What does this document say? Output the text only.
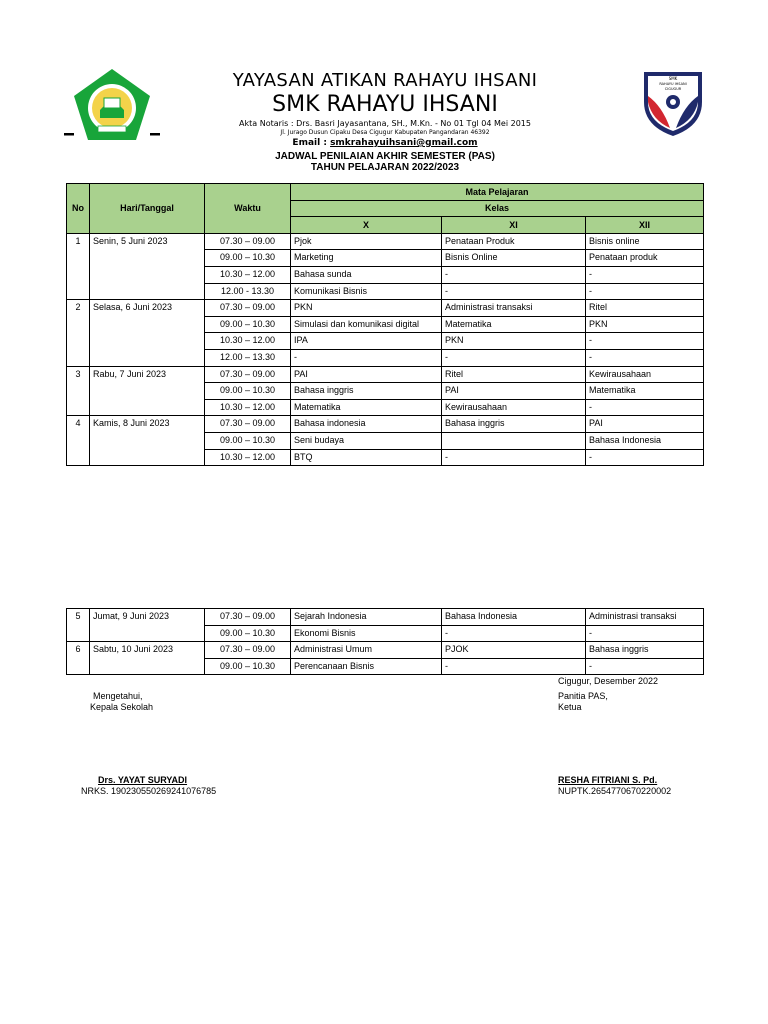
SMK
RAHAYU IHSANI
CIGUGUR
YAYASAN ATIKAN RAHAYU IHSANI
SMK RAHAYU IHSANI
Akta Notaris : Drs. Basri Jayasantana, SH., M.Kn. - No 01 Tgl 04 Mei 2015
Jl. Jurago Dusun Cipaku Desa Cigugur Kabupaten Pangandaran 46392
Email : smkrahayuihsani@gmail.com
JADWAL PENILAIAN AKHIR SEMESTER (PAS)
TAHUN PELAJARAN 2022/2023
No	Hari/Tanggal	Waktu	Mata Pelajaran		
			Kelas		
			X	XI	XII
1	Senin, 5 Juni 2023	07.30 – 09.00	Pjok	Penataan Produk	Bisnis online
		09.00 – 10.30	Marketing	Bisnis Online	Penataan produk
		10.30 – 12.00	Bahasa sunda	-	-
		12.00 - 13.30	Komunikasi Bisnis	-	-
2	Selasa, 6 Juni 2023	07.30 – 09.00	PKN	Administrasi transaksi	Ritel
		09.00 – 10.30	Simulasi dan komunikasi digital	Matematika	PKN
		10.30 – 12.00	IPA	PKN	-
		12.00 – 13.30	-	-	-
3	Rabu, 7 Juni 2023	07.30 – 09.00	PAI	Ritel	Kewirausahaan
		09.00 – 10.30	Bahasa inggris	PAI	Matematika
		10.30 – 12.00	Matematika	Kewirausahaan	-
4	Kamis, 8 Juni 2023	07.30 – 09.00	Bahasa indonesia	Bahasa inggris	PAI
		09.00 – 10.30	Seni budaya		Bahasa Indonesia
		10.30 – 12.00	BTQ	-	-
5	Jumat, 9 Juni 2023	07.30 – 09.00	Sejarah Indonesia	Bahasa Indonesia	Administrasi transaksi
		09.00 – 10.30	Ekonomi Bisnis	-	-
6	Sabtu, 10 Juni 2023	07.30 – 09.00	Administrasi Umum	PJOK	Bahasa inggris
		09.00 – 10.30	Perencanaan Bisnis	-	-
Cigugur, Desember 2022
Mengetahui,
Kepala Sekolah
Panitia PAS,
Ketua
Drs. YAYAT SURYADI
NRKS. 190230550269241076785
RESHA FITRIANI S. Pd.
NUPTK.2654770670220002
